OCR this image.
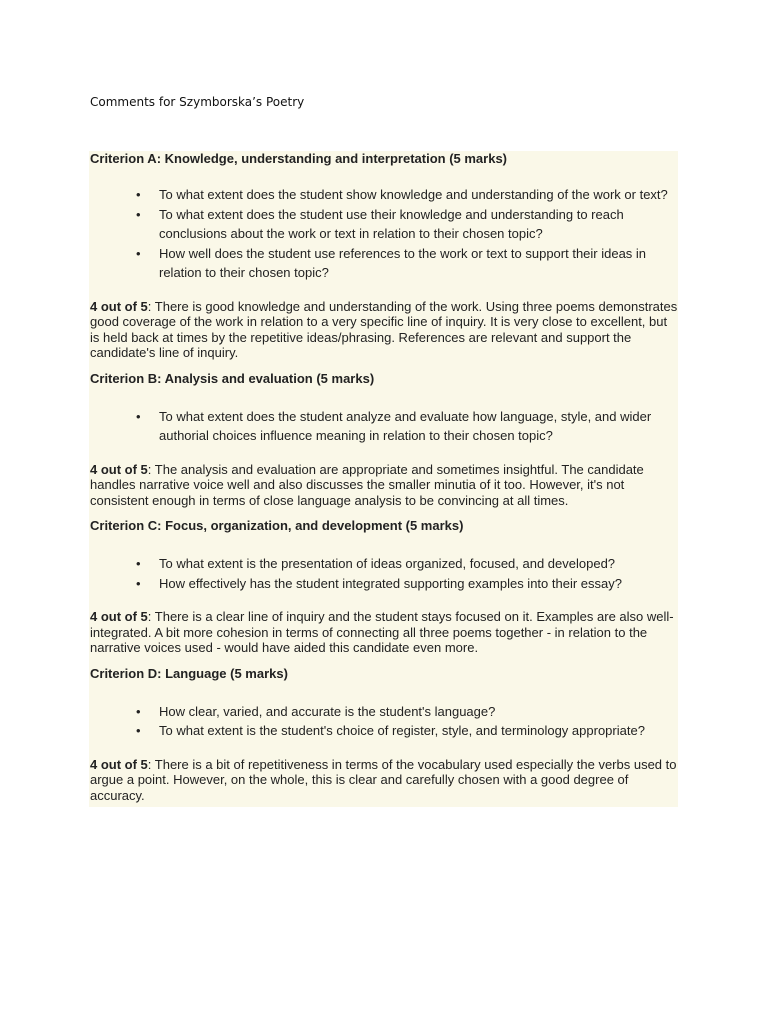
Comments for Szymborska’s Poetry

Criterion A: Knowledge, understanding and interpretation (5 marks)

• To what extent does the student show knowledge and understanding of the work or text?
• To what extent does the student use their knowledge and understanding to reach conclusions about the work or text in relation to their chosen topic?
• How well does the student use references to the work or text to support their ideas in relation to their chosen topic?

4 out of 5: There is good knowledge and understanding of the work. Using three poems demonstrates good coverage of the work in relation to a very specific line of inquiry. It is very close to excellent, but is held back at times by the repetitive ideas/phrasing. References are relevant and support the candidate's line of inquiry.

Criterion B: Analysis and evaluation (5 marks)

• To what extent does the student analyze and evaluate how language, style, and wider authorial choices influence meaning in relation to their chosen topic?

4 out of 5: The analysis and evaluation are appropriate and sometimes insightful. The candidate handles narrative voice well and also discusses the smaller minutia of it too. However, it's not consistent enough in terms of close language analysis to be convincing at all times.

Criterion C: Focus, organization, and development (5 marks)

• To what extent is the presentation of ideas organized, focused, and developed?
• How effectively has the student integrated supporting examples into their essay?

4 out of 5: There is a clear line of inquiry and the student stays focused on it. Examples are also well-integrated. A bit more cohesion in terms of connecting all three poems together - in relation to the narrative voices used - would have aided this candidate even more.

Criterion D: Language (5 marks)

• How clear, varied, and accurate is the student's language?
• To what extent is the student's choice of register, style, and terminology appropriate?

4 out of 5: There is a bit of repetitiveness in terms of the vocabulary used especially the verbs used to argue a point. However, on the whole, this is clear and carefully chosen with a good degree of accuracy.
